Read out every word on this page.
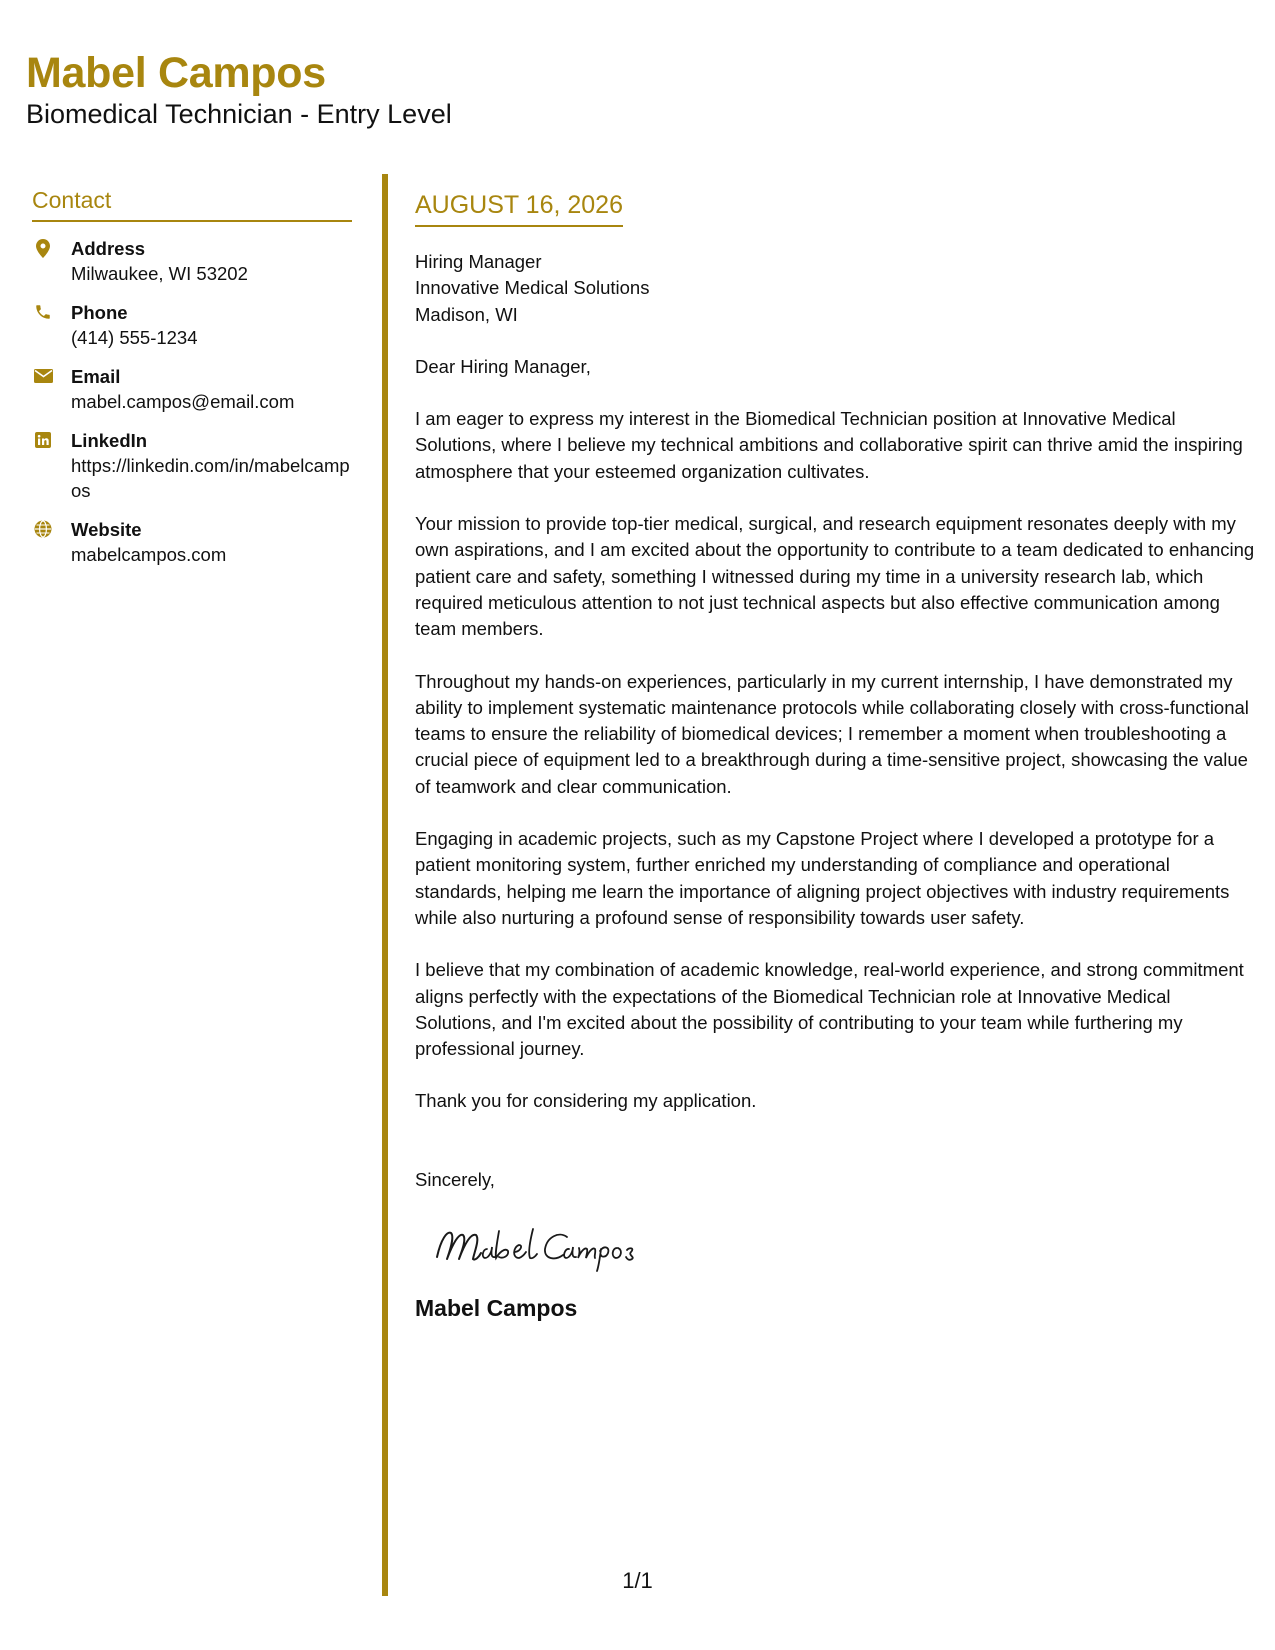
Mabel Campos
Biomedical Technician - Entry Level
Contact
Address
Milwaukee, WI 53202
Phone
(414) 555-1234
Email
mabel.campos@email.com
LinkedIn
https://linkedin.com/in/mabelcampos
Website
mabelcampos.com
AUGUST 16, 2026

Hiring Manager

Innovative Medical Solutions

Madison, WI

Dear Hiring Manager,

I am eager to express my interest in the Biomedical Technician position at Innovative Medical Solutions, where I believe my technical ambitions and collaborative spirit can thrive amid the inspiring atmosphere that your esteemed organization cultivates.

Your mission to provide top-tier medical, surgical, and research equipment resonates deeply with my own aspirations, and I am excited about the opportunity to contribute to a team dedicated to enhancing patient care and safety, something I witnessed during my time in a university research lab, which required meticulous attention to not just technical aspects but also effective communication among team members.

Throughout my hands-on experiences, particularly in my current internship, I have demonstrated my ability to implement systematic maintenance protocols while collaborating closely with cross-functional teams to ensure the reliability of biomedical devices; I remember a moment when troubleshooting a crucial piece of equipment led to a breakthrough during a time-sensitive project, showcasing the value of teamwork and clear communication.

Engaging in academic projects, such as my Capstone Project where I developed a prototype for a patient monitoring system, further enriched my understanding of compliance and operational standards, helping me learn the importance of aligning project objectives with industry requirements while also nurturing a profound sense of responsibility towards user safety.

I believe that my combination of academic knowledge, real-world experience, and strong commitment aligns perfectly with the expectations of the Biomedical Technician role at Innovative Medical Solutions, and I'm excited about the possibility of contributing to your team while furthering my professional journey.

Thank you for considering my application.

Sincerely,

Mabel Campos
1/1
